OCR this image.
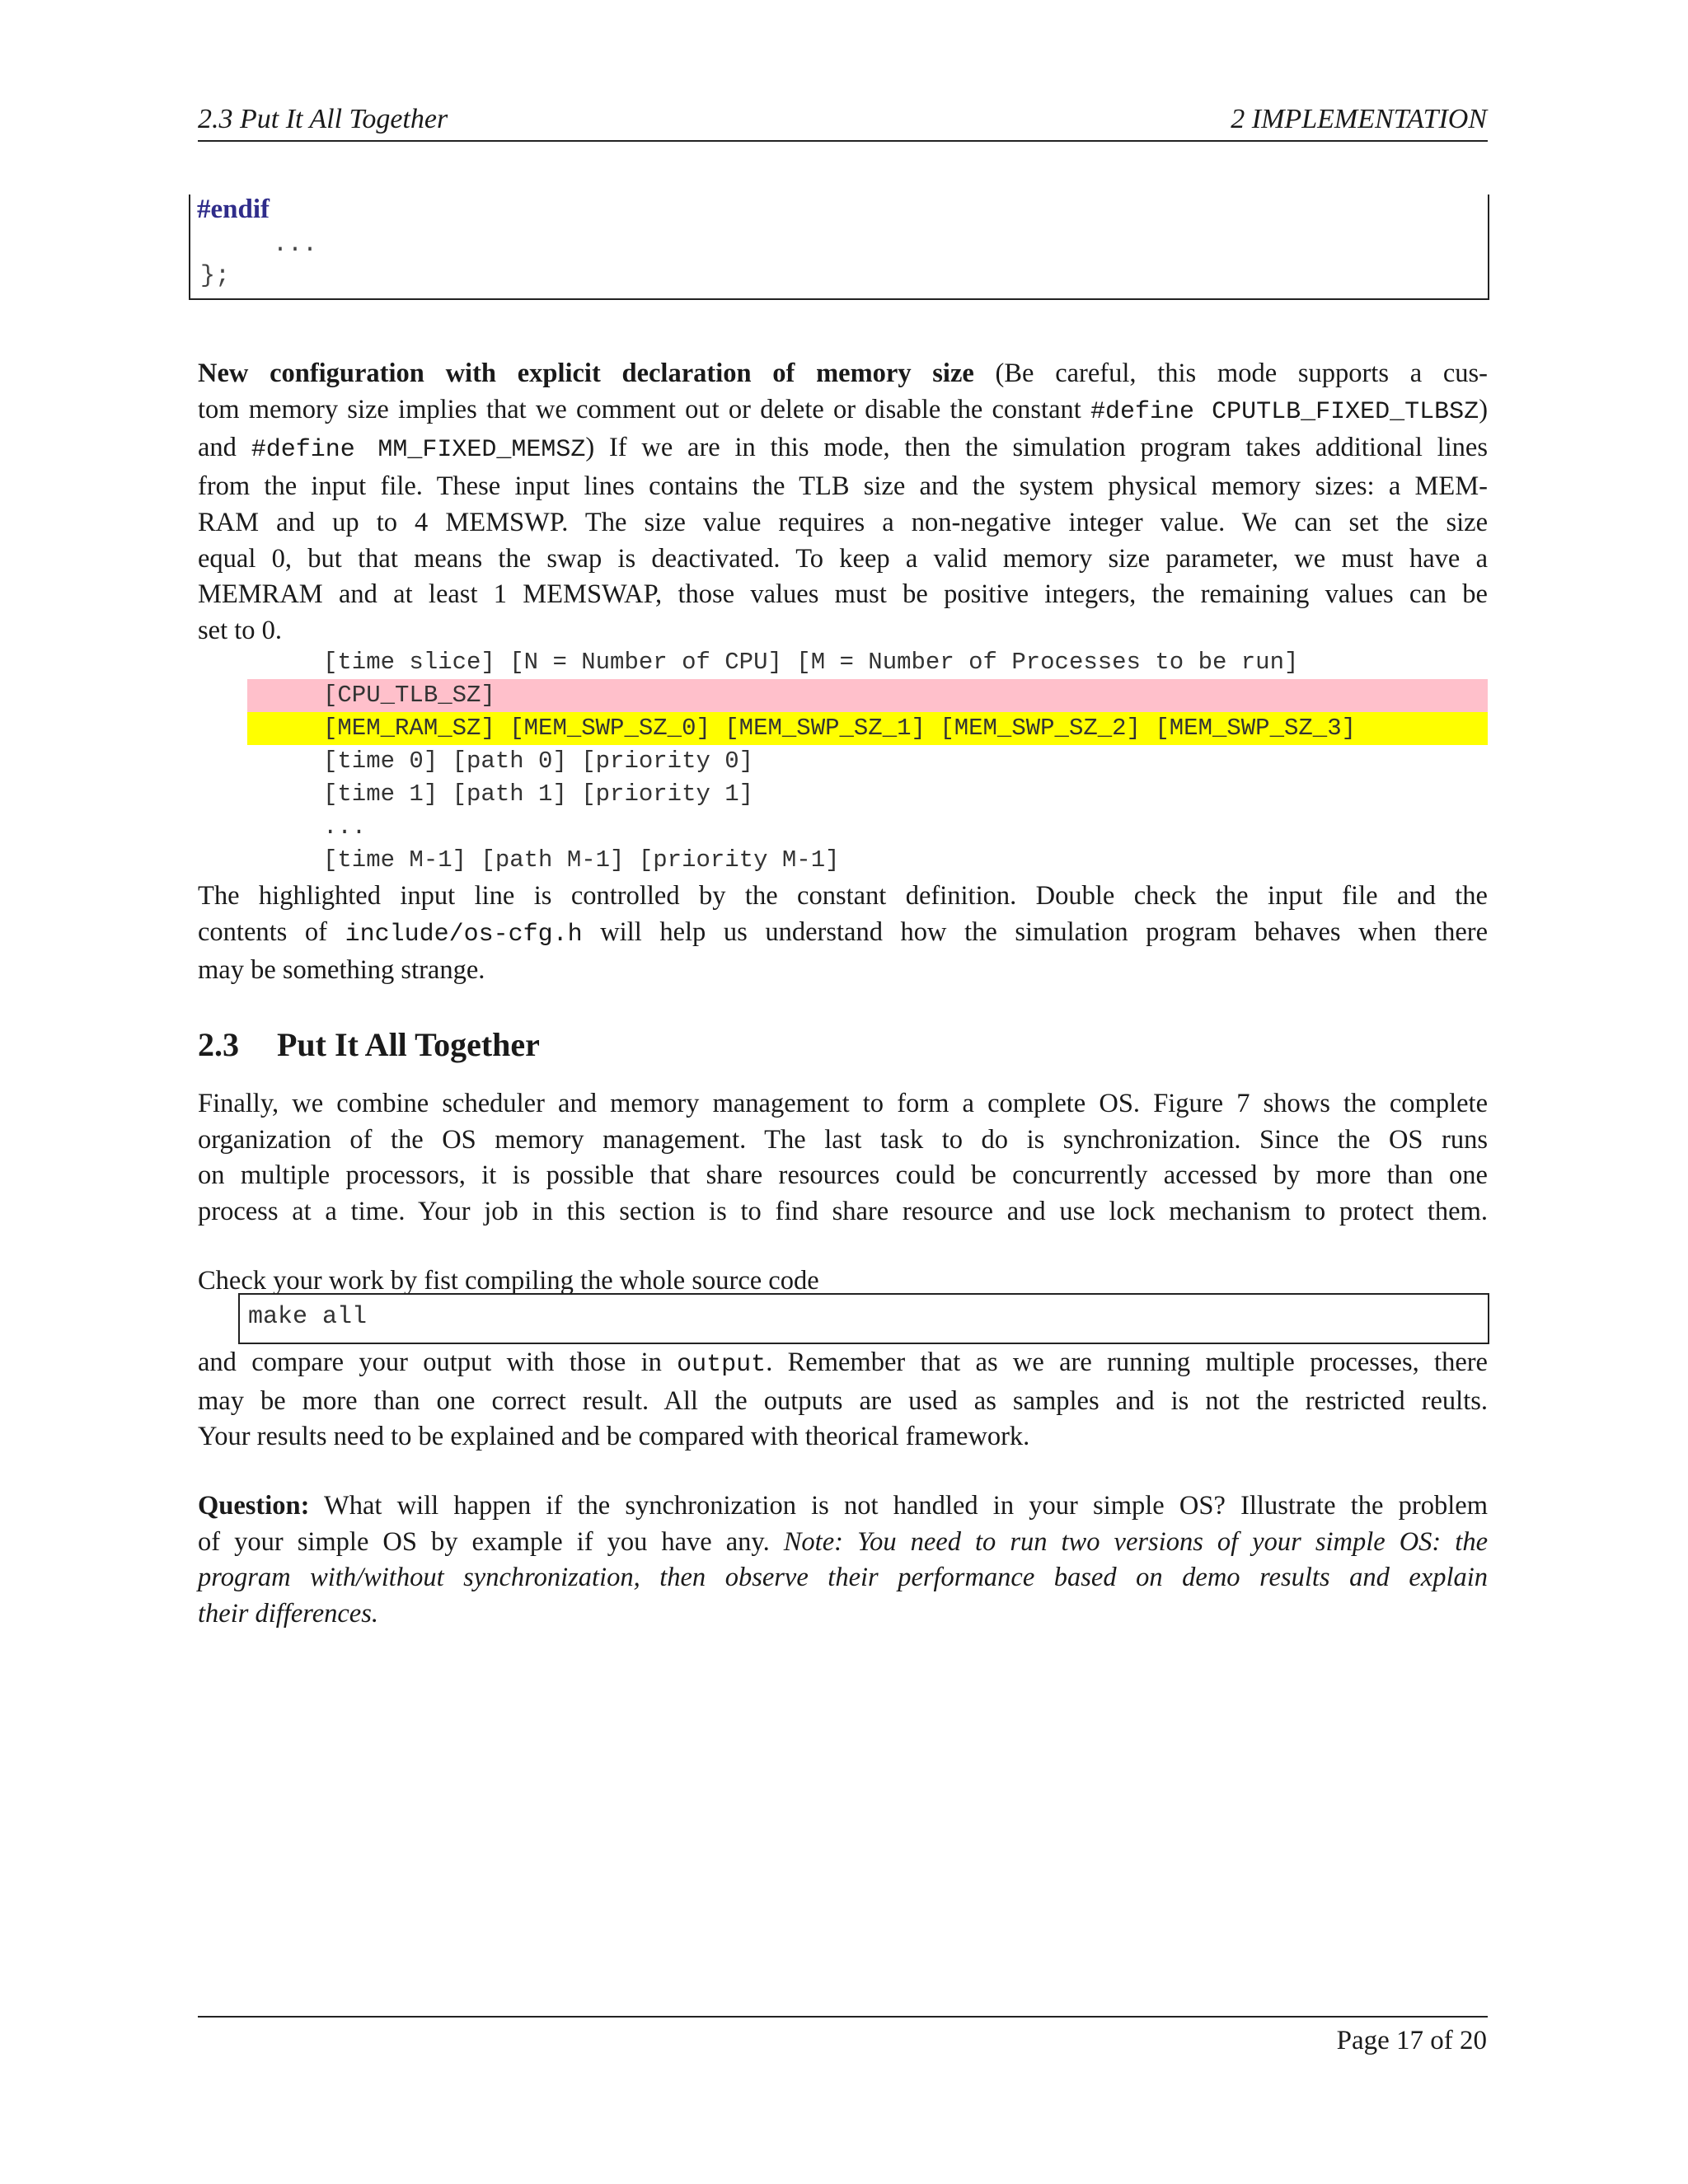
2.3 Put It All Together	2 IMPLEMENTATION
#endif
...
};
New configuration with explicit declaration of memory size (Be careful, this mode supports a cus-
tom memory size implies that we comment out or delete or disable the constant #define CPUTLB_FIXED_TLBSZ)
and #define MM_FIXED_MEMSZ) If we are in this mode, then the simulation program takes additional lines
from the input file. These input lines contains the TLB size and the system physical memory sizes: a MEM-
RAM and up to 4 MEMSWP. The size value requires a non-negative integer value. We can set the size
equal 0, but that means the swap is deactivated. To keep a valid memory size parameter, we must have a
MEMRAM and at least 1 MEMSWAP, those values must be positive integers, the remaining values can be
set to 0.
[time slice] [N = Number of CPU] [M = Number of Processes to be run]
[CPU_TLB_SZ]
[MEM_RAM_SZ] [MEM_SWP_SZ_0] [MEM_SWP_SZ_1] [MEM_SWP_SZ_2] [MEM_SWP_SZ_3]
[time 0] [path 0] [priority 0]
[time 1] [path 1] [priority 1]
...
[time M-1] [path M-1] [priority M-1]
The highlighted input line is controlled by the constant definition. Double check the input file and the
contents of include/os-cfg.h will help us understand how the simulation program behaves when there
may be something strange.
2.3 Put It All Together
Finally, we combine scheduler and memory management to form a complete OS. Figure 7 shows the complete
organization of the OS memory management. The last task to do is synchronization. Since the OS runs
on multiple processors, it is possible that share resources could be concurrently accessed by more than one
process at a time. Your job in this section is to find share resource and use lock mechanism to protect them.
Check your work by fist compiling the whole source code
make all
and compare your output with those in output. Remember that as we are running multiple processes, there
may be more than one correct result. All the outputs are used as samples and is not the restricted reults.
Your results need to be explained and be compared with theorical framework.
Question: What will happen if the synchronization is not handled in your simple OS? Illustrate the problem
of your simple OS by example if you have any. Note: You need to run two versions of your simple OS: the
program with/without synchronization, then observe their performance based on demo results and explain
their differences.
Page 17 of 20
